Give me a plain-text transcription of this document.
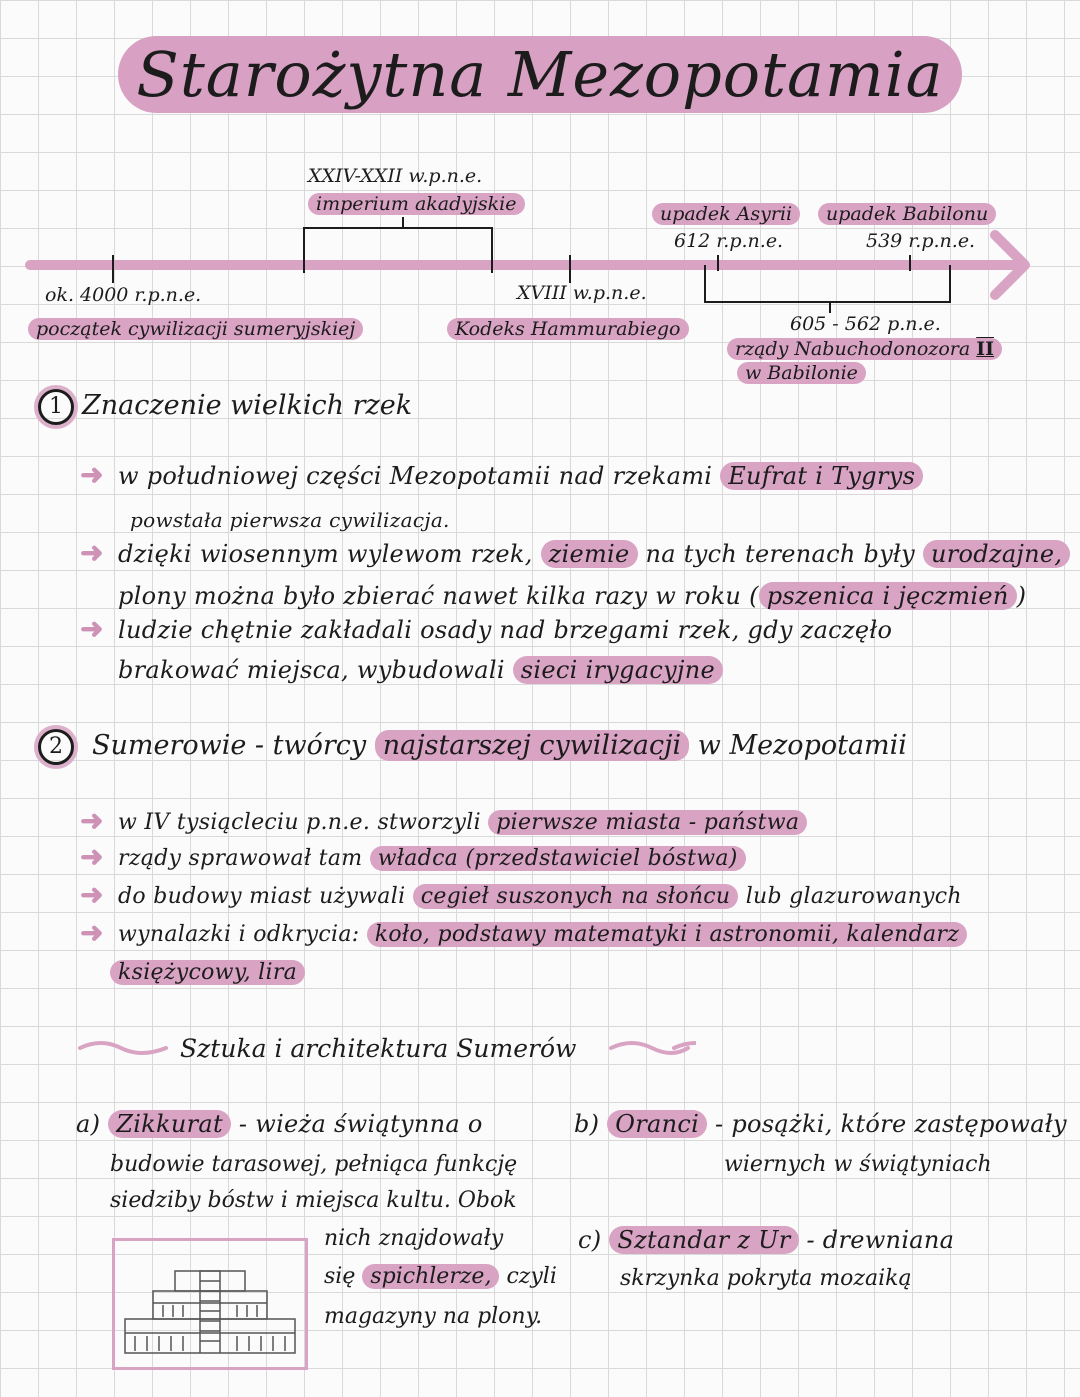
Starożytna Mezopotamia
XXIV-XXII w.p.n.e.
imperium akadyjskie	upadek Asyrii
612 r.p.n.e.
upadek Babilonu
539 r.p.n.e.
ok. 4000 r.p.n.e.
początek cywilizacji sumeryjskiej
XVIII w.p.n.e.
Kodeks Hammurabiego	605 - 562 p.n.e.
rządy Nabuchodonozora II
w Babilonie
1 Znaczenie wielkich rzek
➜ w południowej części Mezopotamii nad rzekami Eufrat i Tygrys
powstała pierwsza cywilizacja.
➜ dzięki wiosennym wylewom rzek, ziemie na tych terenach były urodzajne,
plony można było zbierać nawet kilka razy w roku ( pszenica i jęczmień )
➜ ludzie chętnie zakładali osady nad brzegami rzek, gdy zaczęło
brakować miejsca, wybudowali sieci irygacyjne
2	Sumerowie - twórcy najstarszej cywilizacji w Mezopotamii
➜ w IV tysiącleciu p.n.e. stworzyli pierwsze miasta - państwa
➜ rządy sprawował tam władca (przedstawiciel bóstwa)
➜ do budowy miast używali cegieł suszonych na słońcu lub glazurowanych
➜ wynalazki i odkrycia: koło, podstawy matematyki i astronomii, kalendarz
księżycowy, lira
Sztuka i architektura Sumerów
a) Zikkurat - wieża świątynna o
budowie tarasowej, pełniąca funkcję
siedziby bóstw i miejsca kultu. Obok
nich znajdowały
się spichlerze, czyli
magazyny na plony.
b) Oranci - posążki, które zastępowały
wiernych w świątyniach
c) Sztandar z Ur - drewniana
skrzynka pokryta mozaiką
